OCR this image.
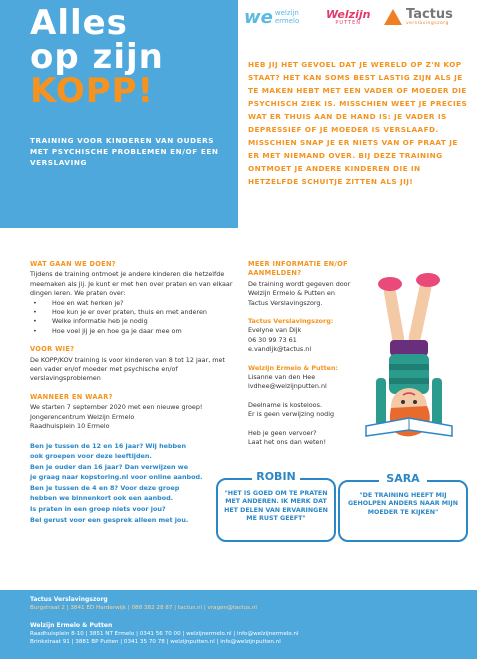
Alles
op zijn
KOPP!
TRAINING VOOR KINDEREN VAN OUDERS MET PSYCHISCHE PROBLEMEN EN/OF EEN VERSLAVING
we welzijn
ermelo
Welzijn
PUTTEN
Tactus
verslavingszorg
HEB JIJ HET GEVOEL DAT JE WERELD OP Z'N KOP STAAT? HET KAN SOMS BEST LASTIG ZIJN ALS JE TE MAKEN HEBT MET EEN VADER OF MOEDER DIE PSYCHISCH ZIEK IS. MISSCHIEN WEET JE PRECIES WAT ER THUIS AAN DE HAND IS: JE VADER IS DEPRESSIEF OF JE MOEDER IS VERSLAAFD. MISSCHIEN SNAP JE ER NIETS VAN OF PRAAT JE ER MET NIEMAND OVER. BIJ DEZE TRAINING ONTMOET JE ANDERE KINDEREN DIE IN HETZELFDE SCHUITJE ZITTEN ALS JIJ!
WAT GAAN WE DOEN?
Tijdens de training ontmoet je andere kinderen die hetzelfde meemaken als jij. Je kunt er met hen over praten en van elkaar dingen leren. We praten over:
•
Hoe en wat herken je?
•
Hoe kun je er over praten, thuis en met anderen
•
Welke informatie heb je nodig
•
Hoe voel jij je en hoe ga je daar mee om
VOOR WIE?
De KOPP/KOV training is voor kinderen van 8 tot 12 jaar, met een vader en/of moeder met psychische en/of verslavingsproblemen
WANNEER EN WAAR?
We starten 7 september 2020 met een nieuwe groep!
Jongerencentrum Welzijn Ermelo
Raadhuisplein 10 Ermelo
Ben je tussen de 12 en 16 jaar? Wij hebben
ook groepen voor deze leeftijden.
Ben je ouder dan 16 jaar? Dan verwijzen we
je graag naar kopstoring.nl voor online aanbod.
Ben je tussen de 4 en 8? Voor deze groep
hebben we binnenkort ook een aanbod.
Is praten in een groep niets voor jou?
Bel gerust voor een gesprek alleen met jou.
MEER INFORMATIE EN/OF AANMELDEN?
De training wordt gegeven door
Welzijn Ermelo & Putten en
Tactus Verslavingszorg.
Tactus Verslavingszorg:
Evelyne van Dijk
06 30 99 73 61
e.vandijk@tactus.nl
Welzijn Ermelo & Putten:
Lisanne van den Hee
lvdhee@welzijnputten.nl
Deelname is kosteloos.
Er is geen verwijzing nodig
Heb je geen vervoer?
Laat het ons dan weten!
ROBIN
"HET IS GOED OM TE PRATEN MET ANDEREN. IK MERK DAT HET DELEN VAN ERVARINGEN ME RUST GEEFT"
SARA
"DE TRAINING HEEFT MIJ GEHOLPEN ANDERS NAAR MIJN MOEDER TE KIJKEN"
Tactus Verslavingszorg
Burgstraat 2 | 3841 ED Harderwijk | 088 382 28 87 | tactus.nl | vragen@tactus.nl
Welzijn Ermelo & Putten
Raadhuisplein 8-10 | 3851 NT Ermelo | 0341 56 70 00 | welzijnermelo.nl | info@welzijnermelo.nl
Brinkstraat 91 | 3881 BP Putten | 0341 35 70 78 | welzijnputten.nl | info@welzijnputten.nl
